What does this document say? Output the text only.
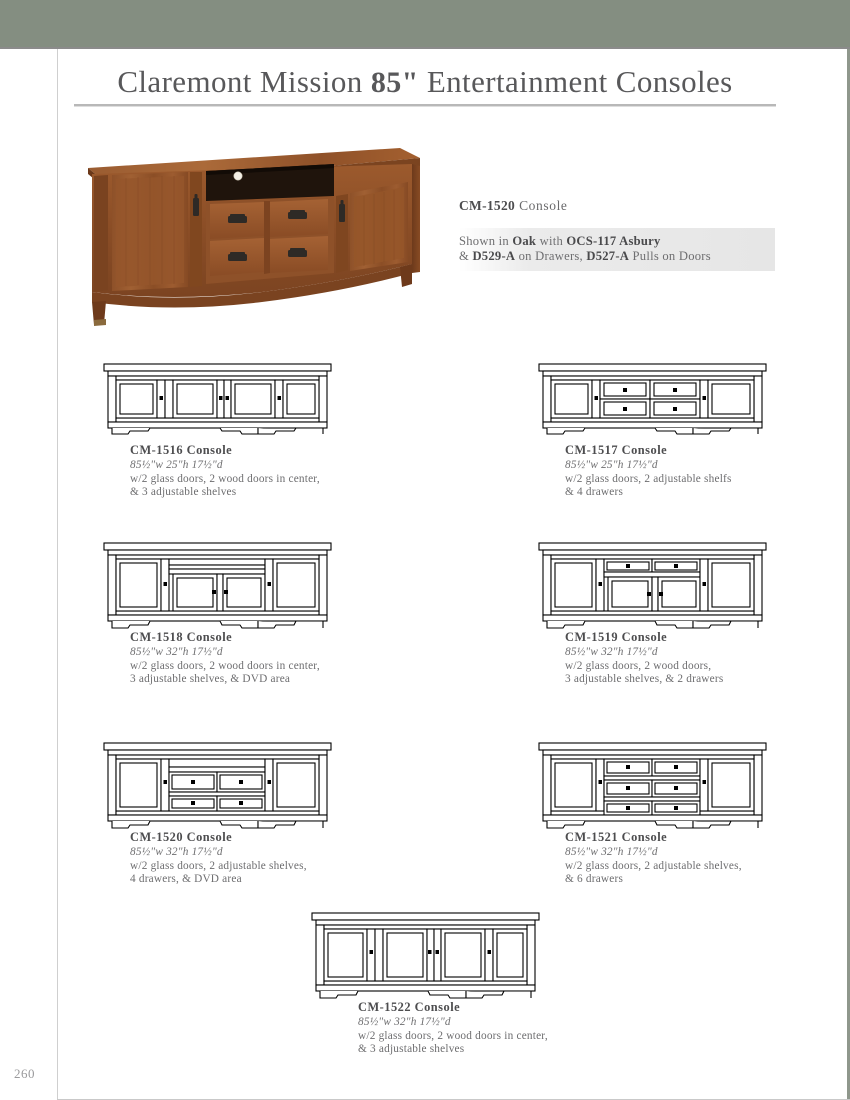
Claremont Mission 85" Entertainment Consoles
CM-1520 Console

Shown in Oak with OCS-117 Asbury

& D529-A on Drawers, D527-A Pulls on Doors

CM-1516 Console
85½"w 25"h 17½"d
w/2 glass doors, 2 wood doors in center,
& 3 adjustable shelves
CM-1517 Console
85½"w 25"h 17½"d
w/2 glass doors, 2 adjustable shelfs
& 4 drawers
CM-1518 Console
85½"w 32"h 17½"d
w/2 glass doors, 2 wood doors in center,
3 adjustable shelves, & DVD area
CM-1519 Console
85½"w 32"h 17½"d
w/2 glass doors, 2 wood doors,
3 adjustable shelves, & 2 drawers
CM-1520 Console
85½"w 32"h 17½"d
w/2 glass doors, 2 adjustable shelves,
4 drawers, & DVD area
CM-1521 Console
85½"w 32"h 17½"d
w/2 glass doors, 2 adjustable shelves,
& 6 drawers
CM-1522 Console
85½"w 32"h 17½"d
w/2 glass doors, 2 wood doors in center,
& 3 adjustable shelves
260
